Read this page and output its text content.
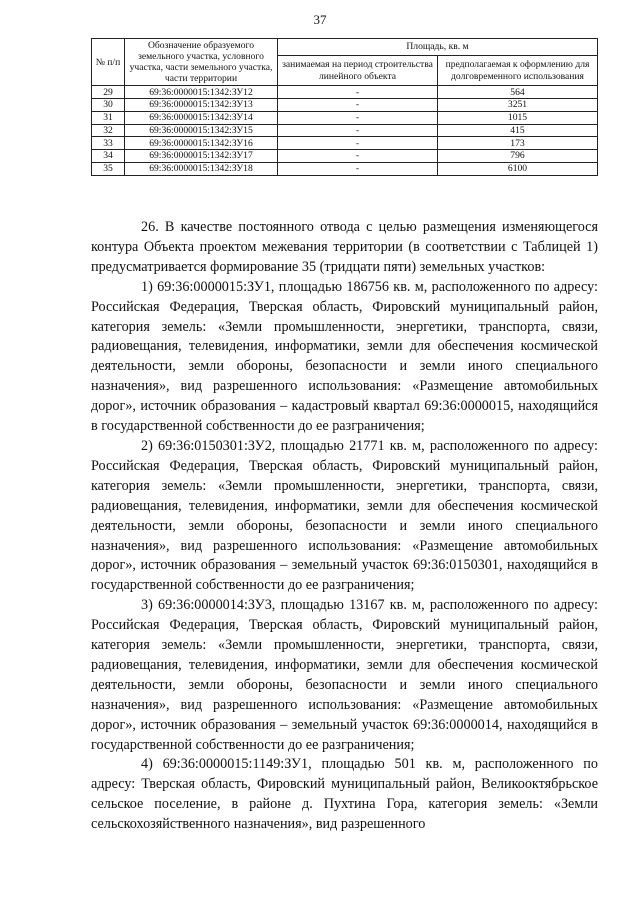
37
№ п/п	Обозначение образуемого земельного участка, условного участка, части земельного участка, части территории	Площадь, кв. м	
		занимаемая на период строительства линейного объекта	предполагаемая к оформлению для долговременного использования
29	69:36:0000015:1342:ЗУ12	-	564
30	69:36:0000015:1342:ЗУ13	-	3251
31	69:36:0000015:1342:ЗУ14	-	1015
32	69:36:0000015:1342:ЗУ15	-	415
33	69:36:0000015:1342:ЗУ16	-	173
34	69:36:0000015:1342:ЗУ17	-	796
35	69:36:0000015:1342:ЗУ18	-	6100

26. В качестве постоянного отвода с целью размещения изменяющегося контура Объекта проектом межевания территории (в соответствии с Таблицей 1) предусматривается формирование 35 (тридцати пяти) земельных участков:

1) 69:36:0000015:ЗУ1, площадью 186756 кв. м, расположенного по адресу: Российская Федерация, Тверская область, Фировский муниципальный район, категория земель: «Земли промышленности, энергетики, транспорта, связи, радиовещания, телевидения, информатики, земли для обеспечения космической деятельности, земли обороны, безопасности и земли иного специального назначения», вид разрешенного использования: «Размещение автомобильных дорог», источник образования – кадастровый квартал 69:36:0000015, находящийся в государственной собственности до ее разграничения;

2) 69:36:0150301:ЗУ2, площадью 21771 кв. м, расположенного по адресу: Российская Федерация, Тверская область, Фировский муниципальный район, категория земель: «Земли промышленности, энергетики, транспорта, связи, радиовещания, телевидения, информатики, земли для обеспечения космической деятельности, земли обороны, безопасности и земли иного специального назначения», вид разрешенного использования: «Размещение автомобильных дорог», источник образования – земельный участок 69:36:0150301, находящийся в государственной собственности до ее разграничения;

3) 69:36:0000014:ЗУ3, площадью 13167 кв. м, расположенного по адресу: Российская Федерация, Тверская область, Фировский муниципальный район, категория земель: «Земли промышленности, энергетики, транспорта, связи, радиовещания, телевидения, информатики, земли для обеспечения космической деятельности, земли обороны, безопасности и земли иного специального назначения», вид разрешенного использования: «Размещение автомобильных дорог», источник образования – земельный участок 69:36:0000014, находящийся в государственной собственности до ее разграничения;

4) 69:36:0000015:1149:ЗУ1, площадью 501 кв. м, расположенного по адресу: Тверская область, Фировский муниципальный район, Великооктябрьское сельское поселение, в районе д. Пухтина Гора, категория земель: «Земли сельскохозяйственного назначения», вид разрешенного
